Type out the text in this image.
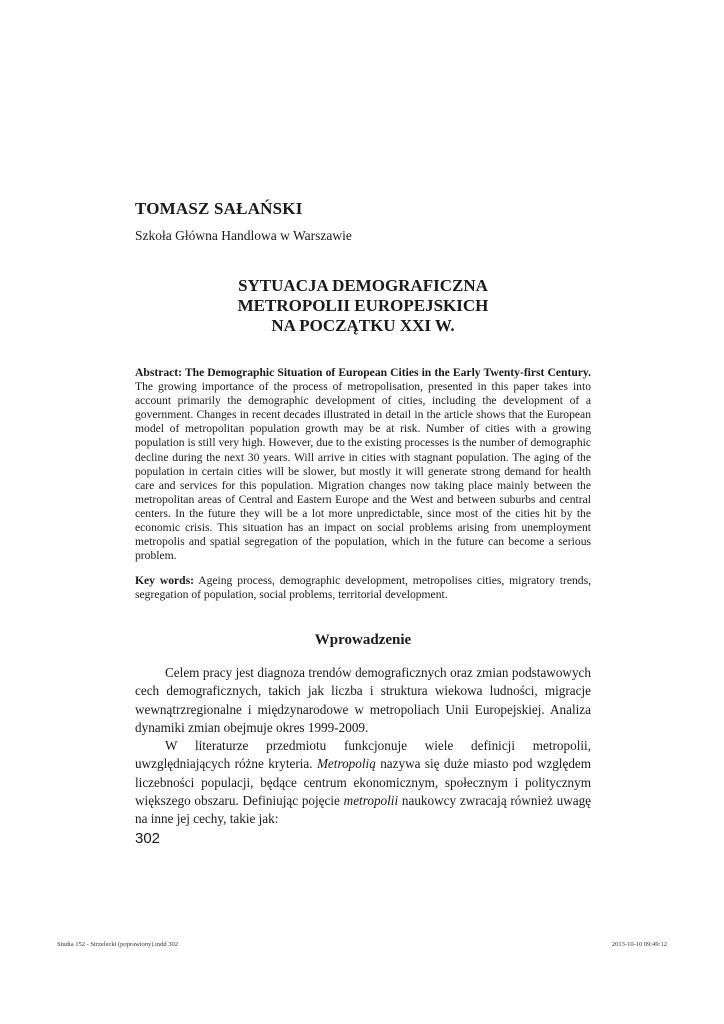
TOMASZ SAŁAŃSKI
Szkoła Główna Handlowa w Warszawie
SYTUACJA DEMOGRAFICZNA
METROPOLII EUROPEJSKICH
NA POCZĄTKU XXI W.

Abstract: The Demographic Situation of European Cities in the Early Twenty-first Century. The growing importance of the process of metropolisation, presented in this paper takes into account primarily the demographic development of cities, including the development of a government. Changes in recent decades illustrated in detail in the article shows that the European model of metropolitan population growth may be at risk. Number of cities with a growing population is still very high. However, due to the existing processes is the number of demographic decline during the next 30 years. Will arrive in cities with stagnant population. The aging of the population in certain cities will be slower, but mostly it will generate strong demand for health care and services for this population. Migration changes now taking place mainly between the metropolitan areas of Central and Eastern Europe and the West and between suburbs and central centers. In the future they will be a lot more unpredictable, since most of the cities hit by the economic crisis. This situation has an impact on social problems arising from unemployment metropolis and spatial segregation of the population, which in the future can become a serious problem.

Key words: Ageing process, demographic development, metropolises cities, migratory trends, segregation of population, social problems, territorial development.

Wprowadzenie

Celem pracy jest diagnoza trendów demograficznych oraz zmian podstawowych cech demograficznych, takich jak liczba i struktura wiekowa ludności, migracje wewnątrzregionalne i międzynarodowe w metropoliach Unii Europejskiej. Analiza dynamiki zmian obejmuje okres 1999-2009.

W literaturze przedmiotu funkcjonuje wiele definicji metropolii, uwzględniających różne kryteria. Metropolią nazywa się duże miasto pod względem liczebności populacji, będące centrum ekonomicznym, społecznym i politycznym większego obszaru. Definiując pojęcie metropolii naukowcy zwracają również uwagę na inne jej cechy, takie jak:

302
Studia 152 - Strzelecki (poprawiony).indd 302	2013-10-10 09:49:12
